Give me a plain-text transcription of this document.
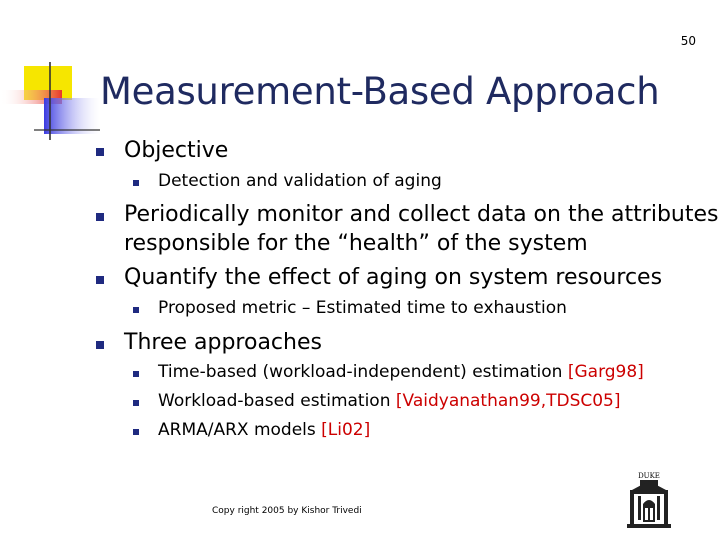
50
Measurement-Based Approach
Objective
Detection and validation of aging
Periodically monitor and collect data on the attributes
responsible for the “health” of the system
Quantify the effect of aging on system resources
Proposed metric – Estimated time to exhaustion
Three approaches
Time-based (workload-independent) estimation [Garg98]
Workload-based estimation [Vaidyanathan99,TDSC05]
ARMA/ARX models [Li02]
Copy right 2005 by Kishor Trivedi
DUKE
